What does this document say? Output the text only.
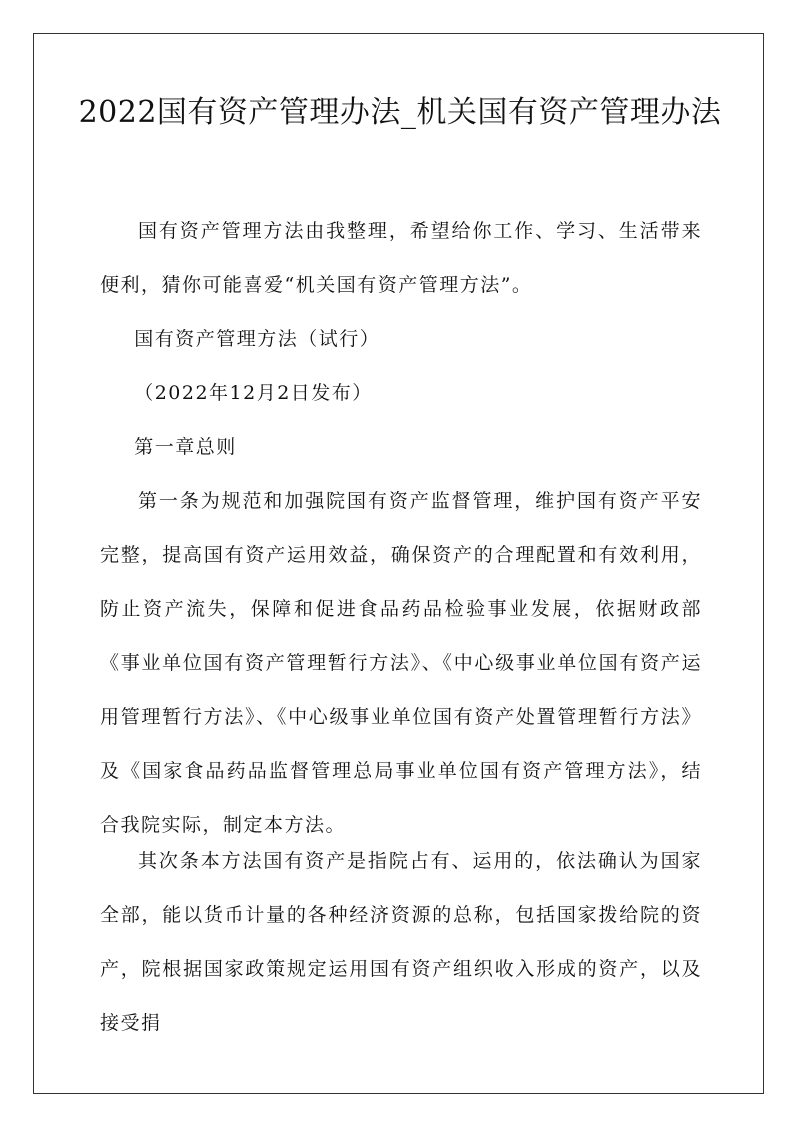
2022国有资产管理办法_机关国有资产管理办法

国有资产管理方法由我整理，希望给你工作、学习、生活带来便利，猜你可能喜爱“机关国有资产管理方法”。

国有资产管理方法（试行）

（2022年12月2日发布）

第一章总则

第一条为规范和加强院国有资产监督管理，维护国有资产平安完整，提高国有资产运用效益，确保资产的合理配置和有效利用，防止资产流失，保障和促进食品药品检验事业发展，依据财政部《事业单位国有资产管理暂行方法》、《中心级事业单位国有资产运用管理暂行方法》、《中心级事业单位国有资产处置管理暂行方法》及《国家食品药品监督管理总局事业单位国有资产管理方法》，结合我院实际，制定本方法。

其次条本方法国有资产是指院占有、运用的，依法确认为国家全部，能以货币计量的各种经济资源的总称，包括国家拨给院的资产，院根据国家政策规定运用国有资产组织收入形成的资产，以及接受捐
